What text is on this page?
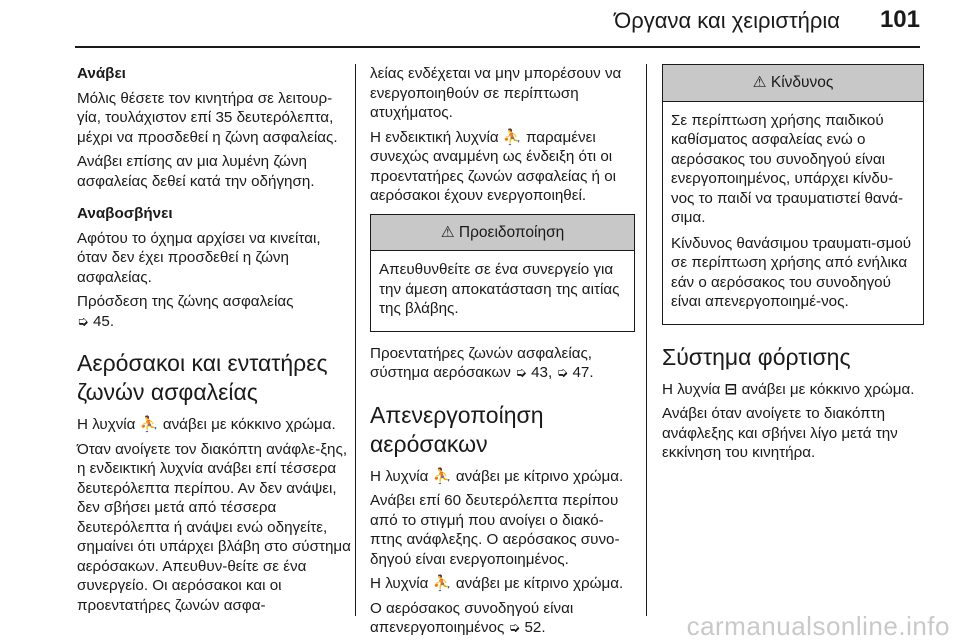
Όργανα και χειριστήρια 101

Ανάβει

Μόλις θέσετε τον κινητήρα σε λειτουρ-γία, τουλάχιστον επί 35 δευτερόλεπτα, μέχρι να προσδεθεί η ζώνη ασφαλείας.

Ανάβει επίσης αν μια λυμένη ζώνη ασφαλείας δεθεί κατά την οδήγηση.

Αναβοσβήνει

Αφότου το όχημα αρχίσει να κινείται, όταν δεν έχει προσδεθεί η ζώνη ασφαλείας.

Πρόσδεση της ζώνης ασφαλείας
➭ 45.

Αερόσακοι και εντατήρες ζωνών ασφαλείας

Η λυχνία ⛹ ανάβει με κόκκινο χρώμα.

Όταν ανοίγετε τον διακόπτη ανάφλε-ξης, η ενδεικτική λυχνία ανάβει επί τέσσερα δευτερόλεπτα περίπου. Αν δεν ανάψει, δεν σβήσει μετά από τέσσερα δευτερόλεπτα ή ανάψει ενώ οδηγείτε, σημαίνει ότι υπάρχει βλάβη στο σύστημα αερόσακων. Απευθυν-θείτε σε ένα συνεργείο. Οι αερόσακοι και οι προεντατήρες ζωνών ασφα-

λείας ενδέχεται να μην μπορέσουν να ενεργοποιηθούν σε περίπτωση ατυχήματος.

Η ενδεικτική λυχνία ⛹ παραμένει συνεχώς αναμμένη ως ένδειξη ότι οι προεντατήρες ζωνών ασφαλείας ή οι αερόσακοι έχουν ενεργοποιηθεί.

⚠ Προειδοποίηση

Απευθυνθείτε σε ένα συνεργείο για την άμεση αποκατάσταση της αιτίας της βλάβης.

Προεντατήρες ζωνών ασφαλείας, σύστημα αερόσακων ➭ 43, ➭ 47.

Απενεργοποίηση αερόσακων

Η λυχνία ⛹ ανάβει με κίτρινο χρώμα.

Ανάβει επί 60 δευτερόλεπτα περίπου από το στιγμή που ανοίγει ο διακό-πτης ανάφλεξης. Ο αερόσακος συνο-δηγού είναι ενεργοποιημένος.

Η λυχνία ⛹ ανάβει με κίτρινο χρώμα.

Ο αερόσακος συνοδηγού είναι απενεργοποιημένος ➭ 52.

⚠ Κίνδυνος

Σε περίπτωση χρήσης παιδικού καθίσματος ασφαλείας ενώ ο αερόσακος του συνοδηγού είναι ενεργοποιημένος, υπάρχει κίνδυ-νος το παιδί να τραυματιστεί θανά-σιμα.

Κίνδυνος θανάσιμου τραυματι-σμού σε περίπτωση χρήσης από ενήλικα εάν ο αερόσακος του συνοδηγού είναι απενεργοποιημέ-νος.

Σύστημα φόρτισης

Η λυχνία ⊟ ανάβει με κόκκινο χρώμα.

Ανάβει όταν ανοίγετε το διακόπτη ανάφλεξης και σβήνει λίγο μετά την εκκίνηση του κινητήρα.

carmanualsonline.info
